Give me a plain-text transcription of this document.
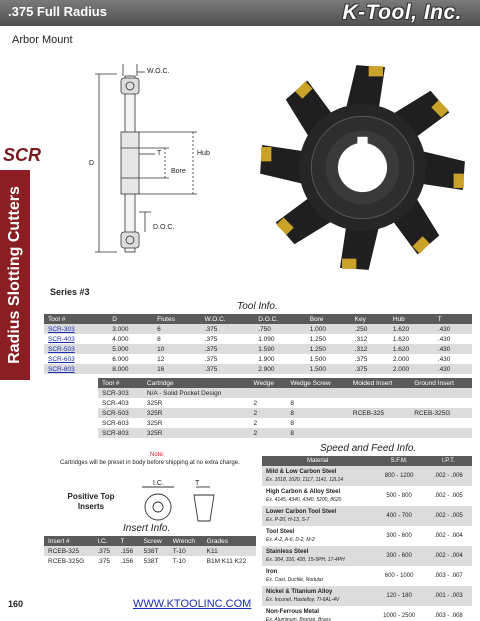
.375 Full Radius	K-Tool, Inc.
Arbor Mount
SCR
Radius Slotting Cutters
W.O.C.
D
T	Hub
Bore
D.O.C.
Series #3
Tool Info.
Tool #	D	Flutes	W.O.C.	D.O.C.	Bore	Key	Hub	T
SCR-303	3.000	6	.375	.750	1.000	.250	1.620	.430
SCR-403	4.000	8	.375	1.090	1.250	.312	1.620	.430
SCR-503	5.000	10	.375	1.590	1.250	.312	1.620	.430
SCR-603	6.000	12	.375	1.900	1.500	.375	2.000	.430
SCR-803	8.000	16	.375	2.900	1.500	.375	2.000	.430
Tool #	Cartridge	Wedge	Wedge Screw	Molded Insert	Ground Insert
SCR-303	N/A - Solid Pocket Design				
SCR-403	325R	2	8		
SCR-503	325R	2	8	RCEB-325	RCEB-325G
SCR-603	325R	2	8		
SCR-803	325R	2	8		
Note:
Cartridges will be preset in body before shipping at no extra charge.
Positive Top Inserts
I.C.	T
Insert Info.
Insert #	I.C.	T	Screw	Wrench	Grades
RCEB-325	.375	.156	538T	T-10	K11
RCEB-325G	.375	.156	538T	T-10	B1M K11 K22
Speed and Feed Info.
Material	S.F.M.	I.P.T.

Mild & Low Carbon Steel
Ex. 1018, 1020, 1117, 1141, 12L14	800 - 1200	.002 - .006

High Carbon & Alloy Steel
Ex. 4145, 4340, 4340, 5200, 8620	500 - 800	.002 - .005

Lower Carbon Tool Steel
Ex. P-20, H-13, S-7	400 - 700	.002 - .005

Tool Steel
Ex. A-2, A-6, D-2, M-2	300 - 600	.002 - .004

Stainless Steel
Ex. 304, 316, 420, 15-5PH, 17-4PH	300 - 600	.002 - .004

Iron
Ex. Cast, Ductile, Nodular	600 - 1000	.003 - .007

Nickel & Titanium Alloy
Ex. Inconel, Hastelloy, TI-6AL-4V	120 - 180	.001 - .003

Non-Ferrous Metal
Ex. Aluminum, Bronze, Brass	1000 - 2500	.003 - .008
160	WWW.KTOOLINC.COM
